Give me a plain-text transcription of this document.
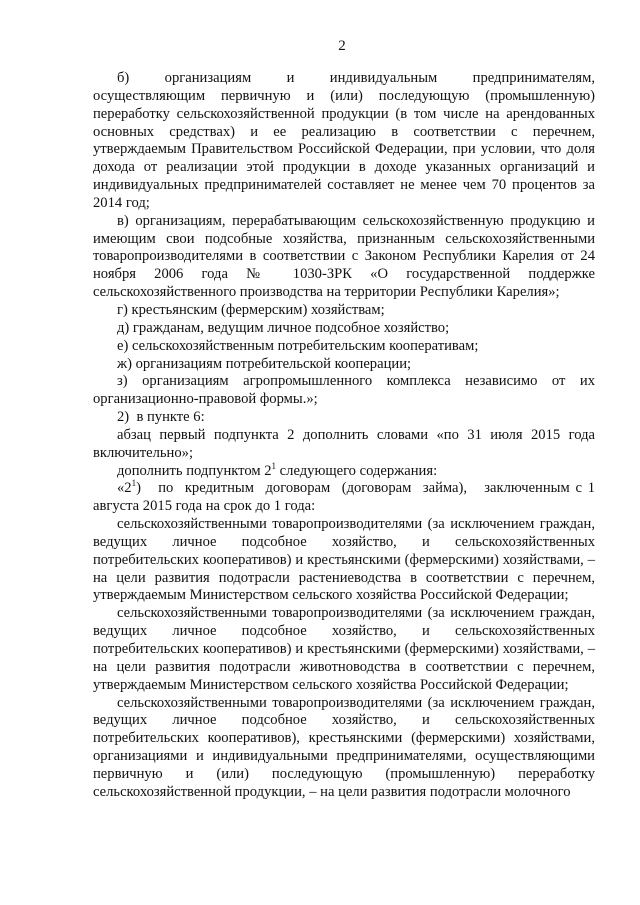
2

б)    организациям    и    индивидуальным    предпринимателям, осуществляющим первичную и (или) последующую (промышленную) переработку сельскохозяйственной продукции (в том числе на арендованных основных средствах) и ее реализацию в соответствии с перечнем, утверждаемым Правительством Российской Федерации, при условии, что доля дохода от реализации этой продукции в доходе указанных организаций и индивидуальных предпринимателей составляет не менее чем 70 процентов за 2014 год;

в) организациям, перерабатывающим сельскохозяйственную продукцию и имеющим свои подсобные хозяйства, признанным сельскохозяйственными товаропроизводителями в соответствии с Законом Республики Карелия от 24 ноября 2006 года № 1030-ЗРК «О государственной поддержке сельскохозяйственного производства на территории Республики Карелия»;

г) крестьянским (фермерским) хозяйствам;

д) гражданам, ведущим личное подсобное хозяйство;

е) сельскохозяйственным потребительским кооперативам;

ж) организациям потребительской кооперации;

з) организациям агропромышленного комплекса независимо от их организационно-правовой формы.»;

2)  в пункте 6:

абзац первый подпункта 2 дополнить словами «по 31 июля 2015 года включительно»;

дополнить подпунктом $2^1$ следующего содержания:

«$2^1$)   по  кредитным  договорам  (договорам  займа),   заключенным с 1 августа 2015 года на срок до 1 года:

сельскохозяйственными товаропроизводителями (за исключением граждан, ведущих личное подсобное хозяйство, и сельскохозяйственных потребительских кооперативов) и крестьянскими (фермерскими) хозяйствами, – на цели развития подотрасли растениеводства в соответствии с перечнем, утверждаемым Министерством сельского хозяйства Российской Федерации;

сельскохозяйственными товаропроизводителями (за исключением граждан, ведущих личное подсобное хозяйство, и сельскохозяйственных потребительских кооперативов) и крестьянскими (фермерскими) хозяйствами, – на цели развития подотрасли животноводства в соответствии с перечнем, утверждаемым Министерством сельского хозяйства Российской Федерации;

сельскохозяйственными товаропроизводителями (за исключением граждан, ведущих личное подсобное хозяйство, и сельскохозяйственных потребительских кооперативов), крестьянскими (фермерскими) хозяйствами, организациями и индивидуальными предпринимателями, осуществляющими первичную и (или) последующую (промышленную) переработку сельскохозяйственной продукции, – на цели развития подотрасли молочного
